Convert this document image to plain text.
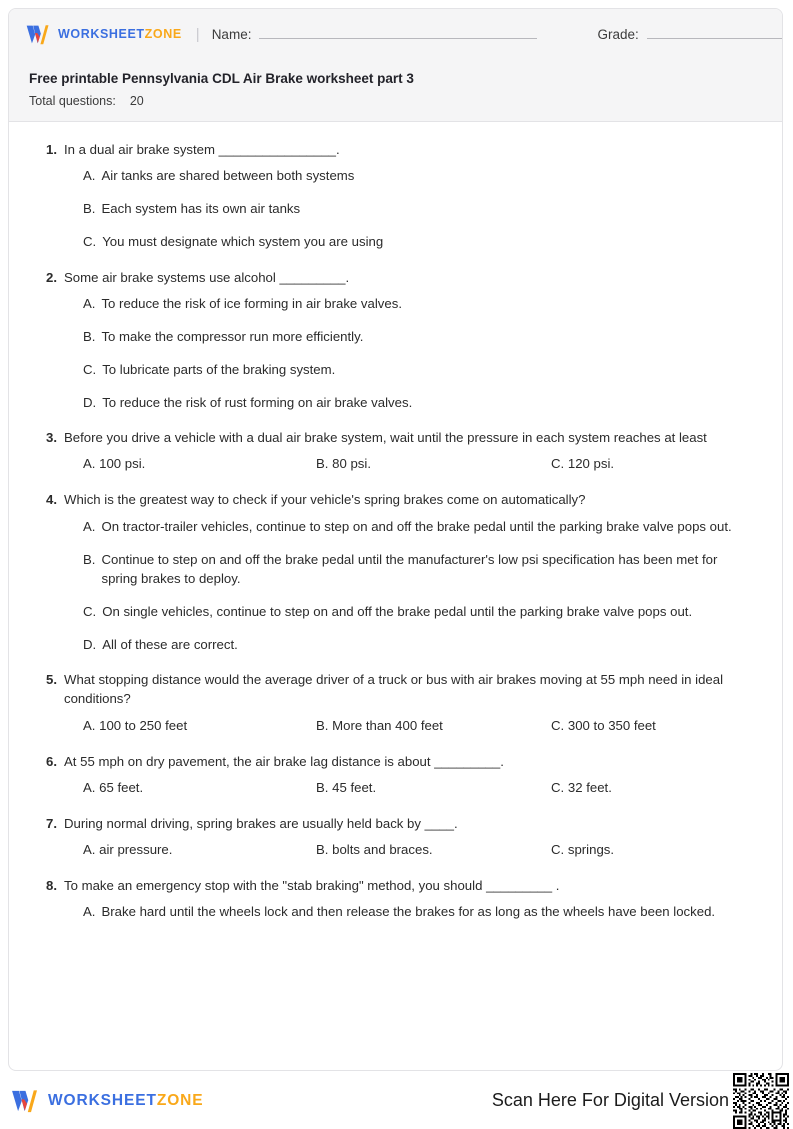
WORKSHEETZONE | Name:	Grade:
Free printable Pennsylvania CDL Air Brake worksheet part 3
Total questions: 20
1. In a dual air brake system ________________.
A. Air tanks are shared between both systems
B. Each system has its own air tanks
C. You must designate which system you are using
2. Some air brake systems use alcohol _________.
A. To reduce the risk of ice forming in air brake valves.
B. To make the compressor run more efficiently.
C. To lubricate parts of the braking system.
D. To reduce the risk of rust forming on air brake valves.
3. Before you drive a vehicle with a dual air brake system, wait until the pressure in each system reaches at least
A. 100 psi.	B. 80 psi.	C. 120 psi.
4. Which is the greatest way to check if your vehicle's spring brakes come on automatically?
A. On tractor-trailer vehicles, continue to step on and off the brake pedal until the parking brake valve pops out.
B. Continue to step on and off the brake pedal until the manufacturer's low psi specification has been met for spring brakes to deploy.
C. On single vehicles, continue to step on and off the brake pedal until the parking brake valve pops out.
D. All of these are correct.
5. What stopping distance would the average driver of a truck or bus with air brakes moving at 55 mph need in ideal conditions?
A. 100 to 250 feet	B. More than 400 feet	C. 300 to 350 feet
6. At 55 mph on dry pavement, the air brake lag distance is about _________.
A. 65 feet.	B. 45 feet.	C. 32 feet.
7. During normal driving, spring brakes are usually held back by ____.
A. air pressure.	B. bolts and braces.	C. springs.
8. To make an emergency stop with the "stab braking" method, you should _________ .
A. Brake hard until the wheels lock and then release the brakes for as long as the wheels have been locked.
WORKSHEETZONE	Scan Here For Digital Version
